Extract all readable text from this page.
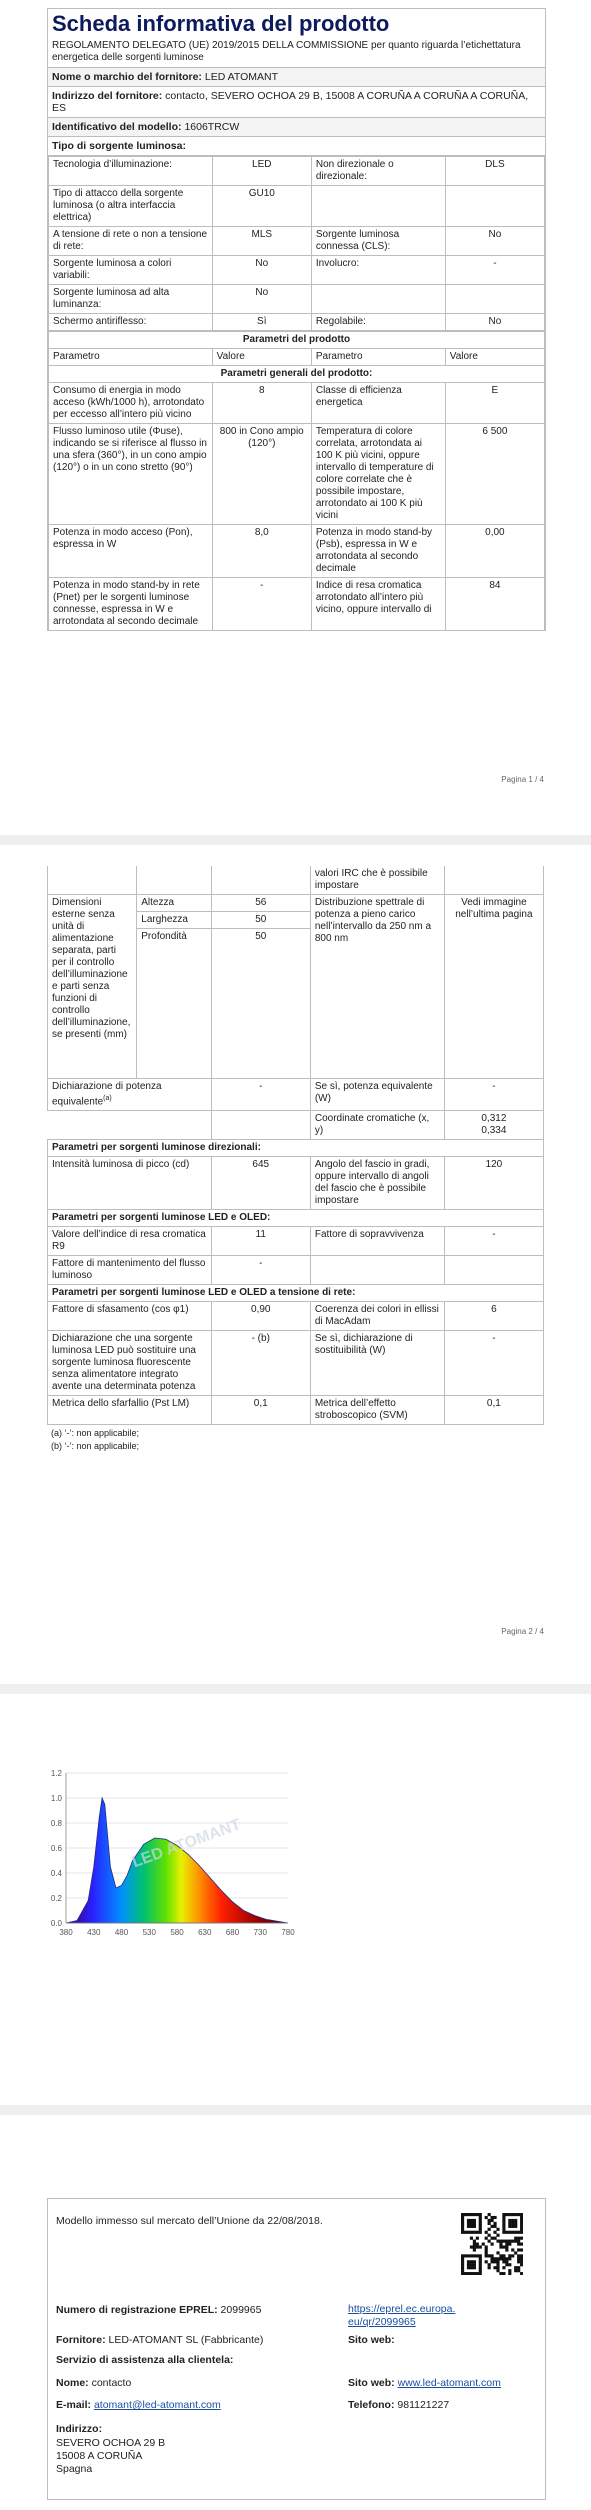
Scheda informativa del prodotto
REGOLAMENTO DELEGATO (UE) 2019/2015 DELLA COMMISSIONE per quanto riguarda l’etichettatura energetica delle sorgenti luminose
Nome o marchio del fornitore: LED ATOMANT
Indirizzo del fornitore: contacto, SEVERO OCHOA 29 B, 15008 A CORUÑA A CORUÑA A CORUÑA, ES
Identificativo del modello: 1606TRCW
Tipo di sorgente luminosa:
Tecnologia d’illuminazione:	LED	Non direzionale o direzionale:	DLS
Tipo di attacco della sorgente luminosa (o altra interfaccia elettrica)	GU10		
A tensione di rete o non a tensione di rete:	MLS	Sorgente luminosa connessa (CLS):	No
Sorgente luminosa a colori variabili:	No	Involucro:	-
Sorgente luminosa ad alta luminanza:	No		
Schermo antiriflesso:	Sì	Regolabile:	No
Parametri del prodotto			
Parametro	Valore	Parametro	Valore
Parametri generali del prodotto:			
Consumo di energia in modo acceso (kWh/1000 h), arrotondato per eccesso all’intero più vicino	8	Classe di efficienza energetica	E
Flusso luminoso utile (Φuse), indicando se si riferisce al flusso in una sfera (360°), in un cono ampio (120°) o in un cono stretto (90°)	800 in Cono ampio (120°)	Temperatura di colore correlata, arrotondata ai 100 K più vicini, oppure intervallo di temperature di colore correlate che è possibile impostare, arrotondato ai 100 K più vicini	6 500
Potenza in modo acceso (Pon), espressa in W	8,0	Potenza in modo stand-by (Psb), espressa in W e arrotondata al secondo decimale	0,00
Potenza in modo stand-by in rete (Pnet) per le sorgenti luminose connesse, espressa in W e arrotondata al secondo decimale	-	Indice di resa cromatica arrotondato all’intero più vicino, oppure intervallo di	84
Pagina 1 / 4
			valori IRC che è possibile impostare	
Dimensioni esterne senza unità di alimentazione separata, parti per il controllo dell’illuminazione e parti senza funzioni di controllo dell’illuminazione, se presenti (mm)	Altezza	56	Distribuzione spettrale di potenza a pieno carico nell’intervallo da 250 nm a 800 nm	Vedi immagine nell’ultima pagina
	Larghezza	50		
	Profondità	50		
Dichiarazione di potenza equivalente$^{(a)}$		-	Se sì, potenza equivalente (W)	-
			Coordinate cromatiche (x, y)	0,312
0,334
Parametri per sorgenti luminose direzionali:				
Intensità luminosa di picco (cd)		645	Angolo del fascio in gradi, oppure intervallo di angoli del fascio che è possibile impostare	120
Parametri per sorgenti luminose LED e OLED:				
Valore dell’indice di resa cromatica R9		11	Fattore di sopravvivenza	-
Fattore di mantenimento del flusso luminoso		-		
Parametri per sorgenti luminose LED e OLED a tensione di rete:				
Fattore di sfasamento (cos φ1)		0,90	Coerenza dei colori in ellissi di MacAdam	6
Dichiarazione che una sorgente luminosa LED può sostituire una sorgente luminosa fluorescente senza alimentatore integrato avente una determinata potenza		- (b)	Se sì, dichiarazione di sostituibilità (W)	-
Metrica dello sfarfallio (Pst LM)		0,1	Metrica dell’effetto stroboscopico (SVM)	0,1
(a) ‘-’: non applicabile;
(b) ‘-’: non applicabile;
Pagina 2 / 4
0.0
0.2
0.4
0.6
0.8
1.0
1.2
380 430 480 530 580 630 680 730 780
LED ATOMANT
Modello immesso sul mercato dell’Unione da 22/08/2018.
Numero di registrazione EPREL: 2099965	https://eprel.ec.europa.eu/qr/2099965
Fornitore: LED-ATOMANT SL (Fabbricante)	Sito web:
Servizio di assistenza alla clientela:
Nome: contacto	Sito web: www.led-atomant.com
E-mail: atomant@led-atomant.com	Telefono: 981121227
Indirizzo:
SEVERO OCHOA 29 B
15008 A CORUÑA
Spagna
